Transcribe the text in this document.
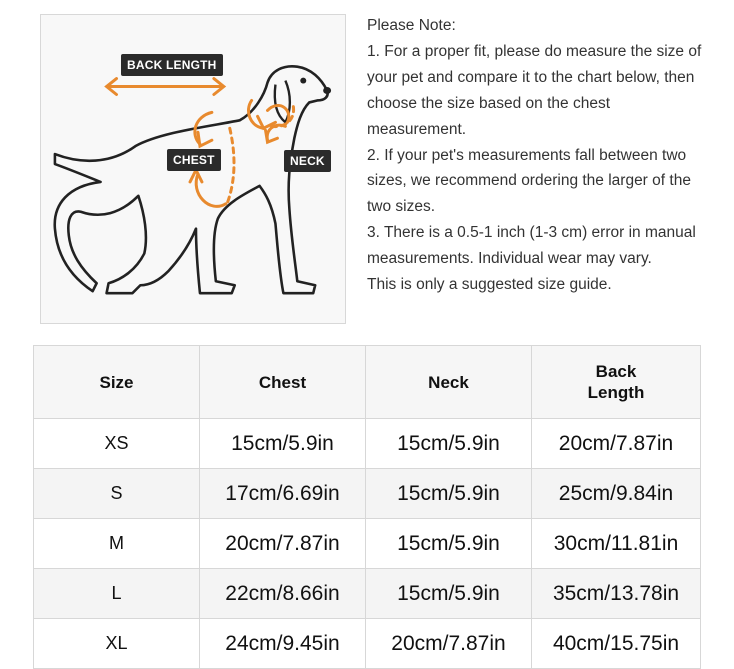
BACK LENGTH
CHEST	NECK

Please Note:

1. For a proper fit, please do measure the size of your pet and compare it to the chart below, then choose the size based on the chest measurement.

2. If your pet's measurements fall between two sizes, we recommend ordering the larger of the two sizes.

3. There is a 0.5-1 inch (1-3 cm) error in manual measurements. Individual wear may vary.

This is only a suggested size guide.

Size	Chest	Neck	Back
Length
XS	15cm/5.9in	15cm/5.9in	20cm/7.87in
S	17cm/6.69in	15cm/5.9in	25cm/9.84in
M	20cm/7.87in	15cm/5.9in	30cm/11.81in
L	22cm/8.66in	15cm/5.9in	35cm/13.78in
XL	24cm/9.45in	20cm/7.87in	40cm/15.75in
